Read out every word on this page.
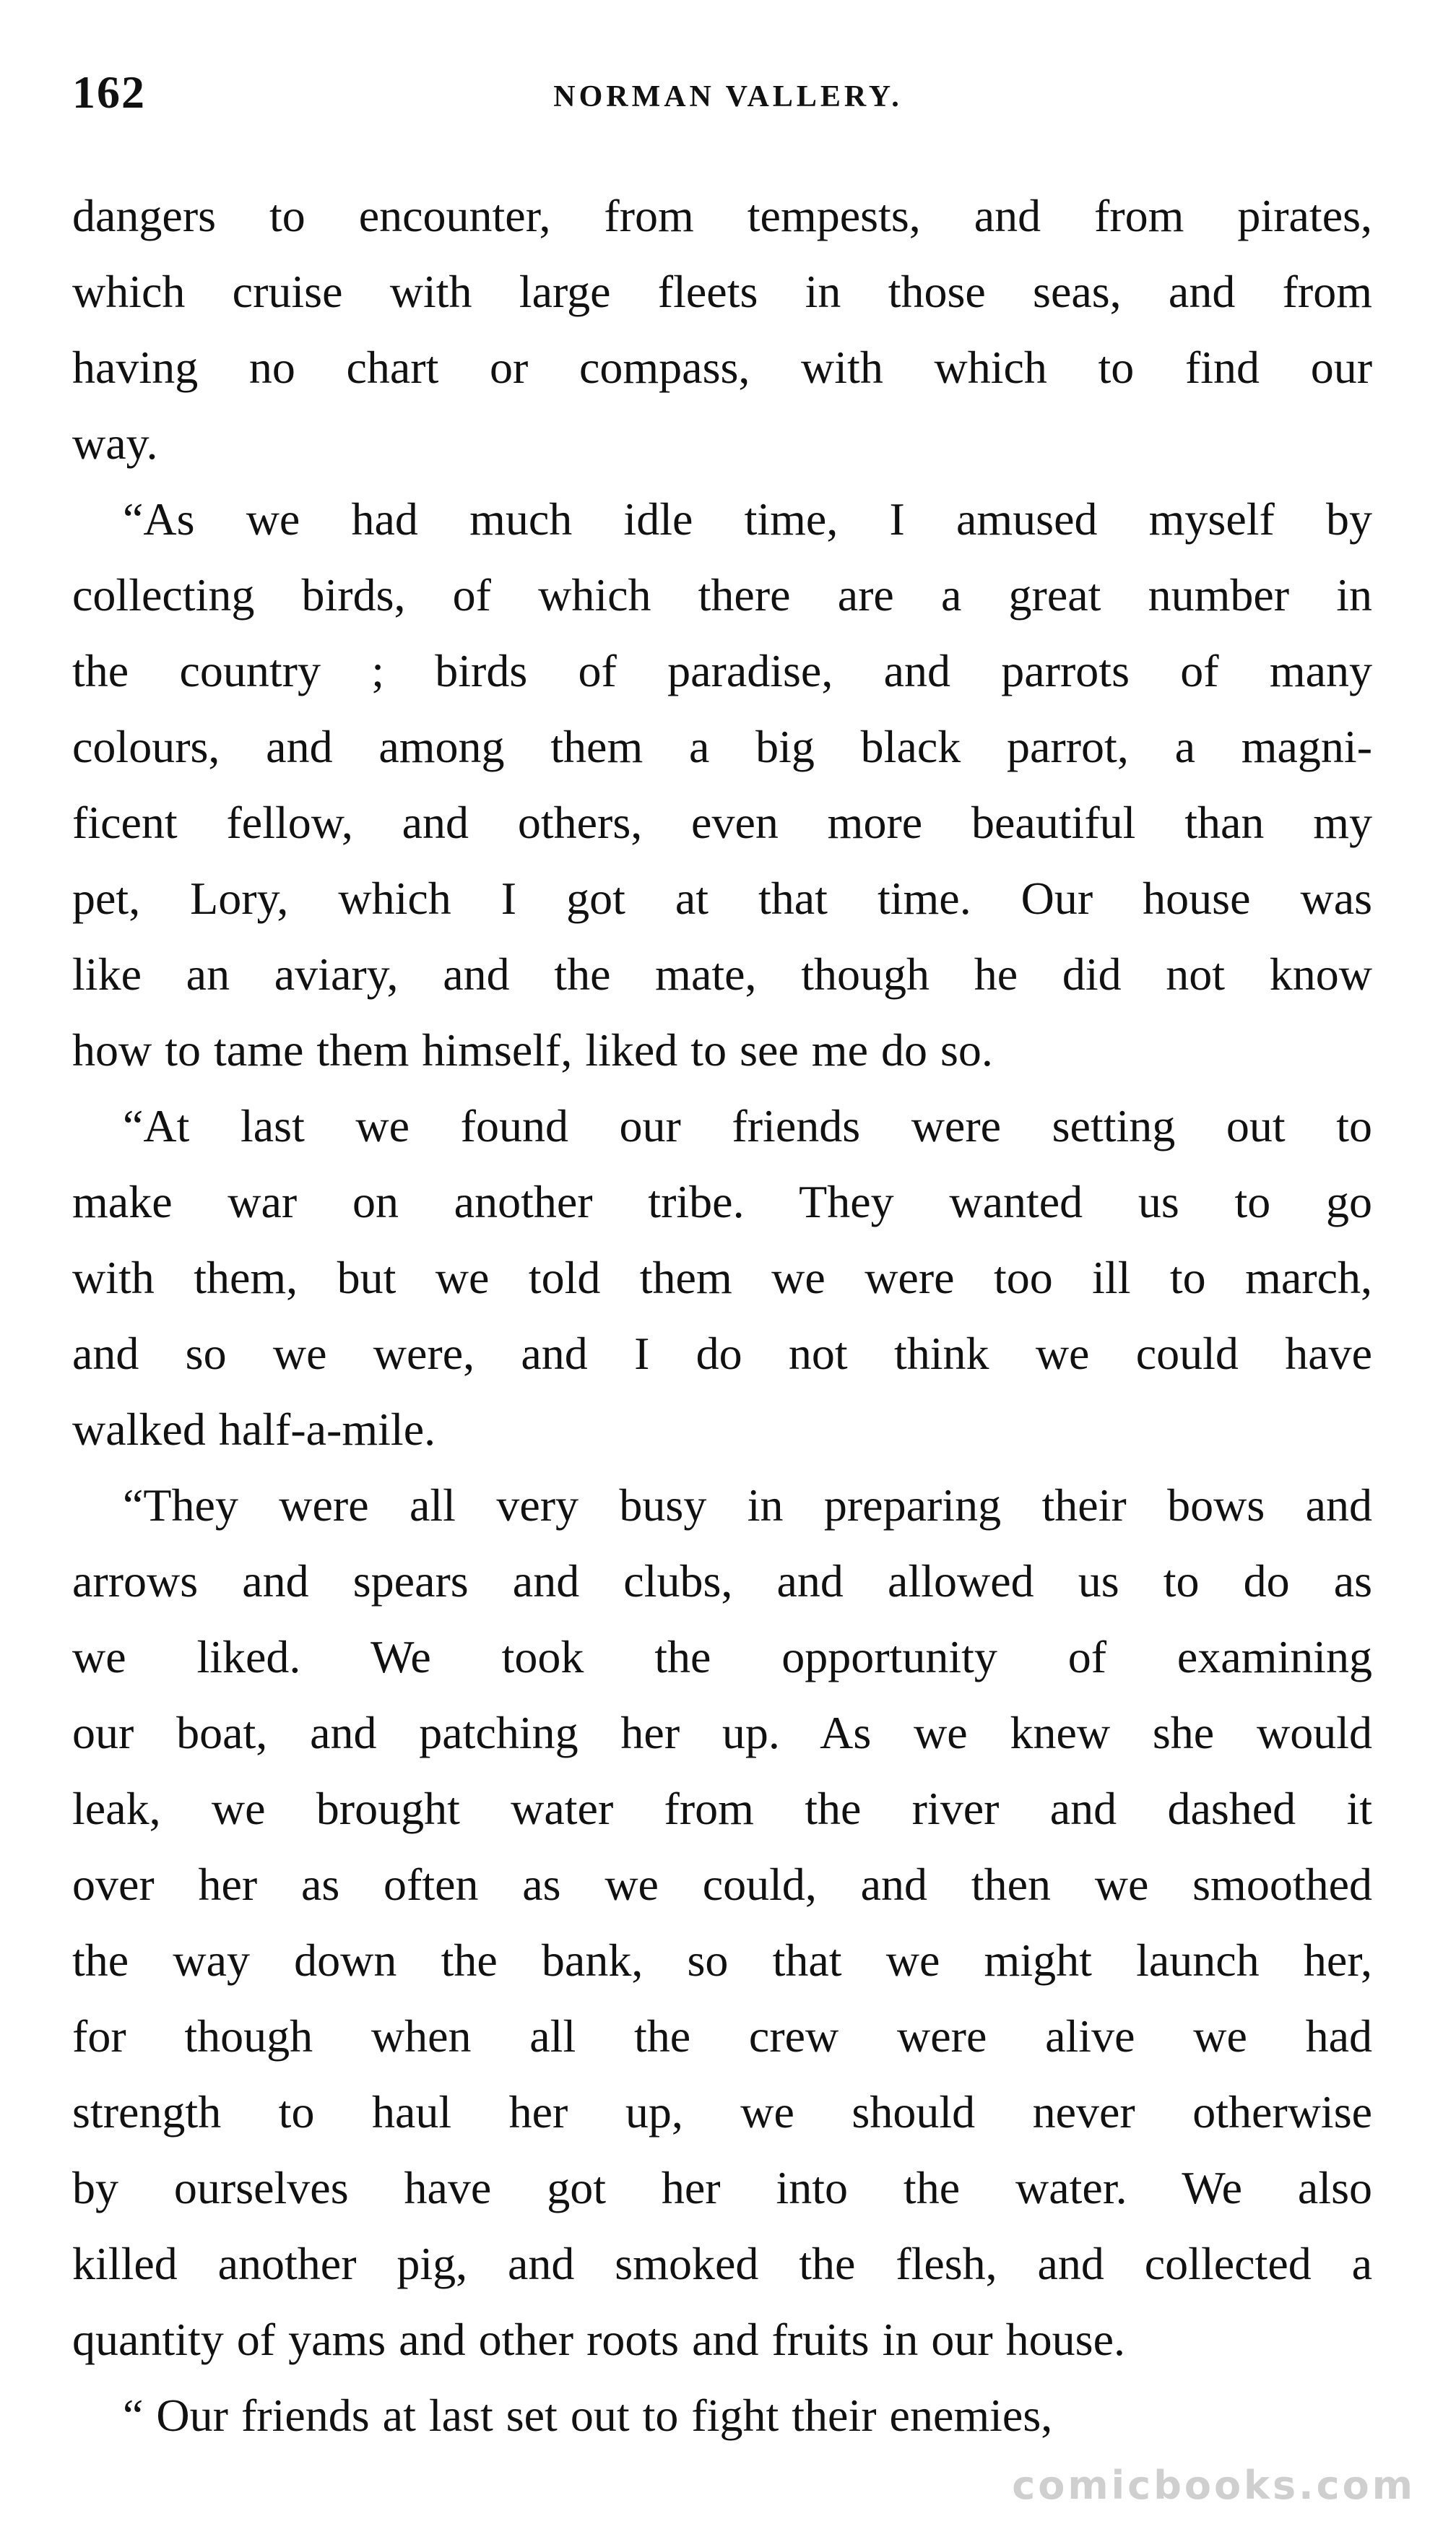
162	NORMAN VALLERY.

dangers to encounter, from tempests, and from pirates,
which cruise with large fleets in those seas, and from
having no chart or compass, with which to find our
way.

“As we had much idle time, I amused myself by
collecting birds, of which there are a great number in
the country ; birds of paradise, and parrots of many
colours, and among them a big black parrot, a magni-
ficent fellow, and others, even more beautiful than my
pet, Lory, which I got at that time. Our house was
like an aviary, and the mate, though he did not know
how to tame them himself, liked to see me do so.

“At last we found our friends were setting out to
make war on another tribe. They wanted us to go
with them, but we told them we were too ill to march,
and so we were, and I do not think we could have
walked half-a-mile.

“They were all very busy in preparing their bows and
arrows and spears and clubs, and allowed us to do as
we liked. We took the opportunity of examining
our boat, and patching her up. As we knew she would
leak, we brought water from the river and dashed it
over her as often as we could, and then we smoothed
the way down the bank, so that we might launch her,
for though when all the crew were alive we had
strength to haul her up, we should never otherwise
by ourselves have got her into the water. We also
killed another pig, and smoked the flesh, and collected a
quantity of yams and other roots and fruits in our house.

“ Our friends at last set out to fight their enemies,

comicbooks.com
